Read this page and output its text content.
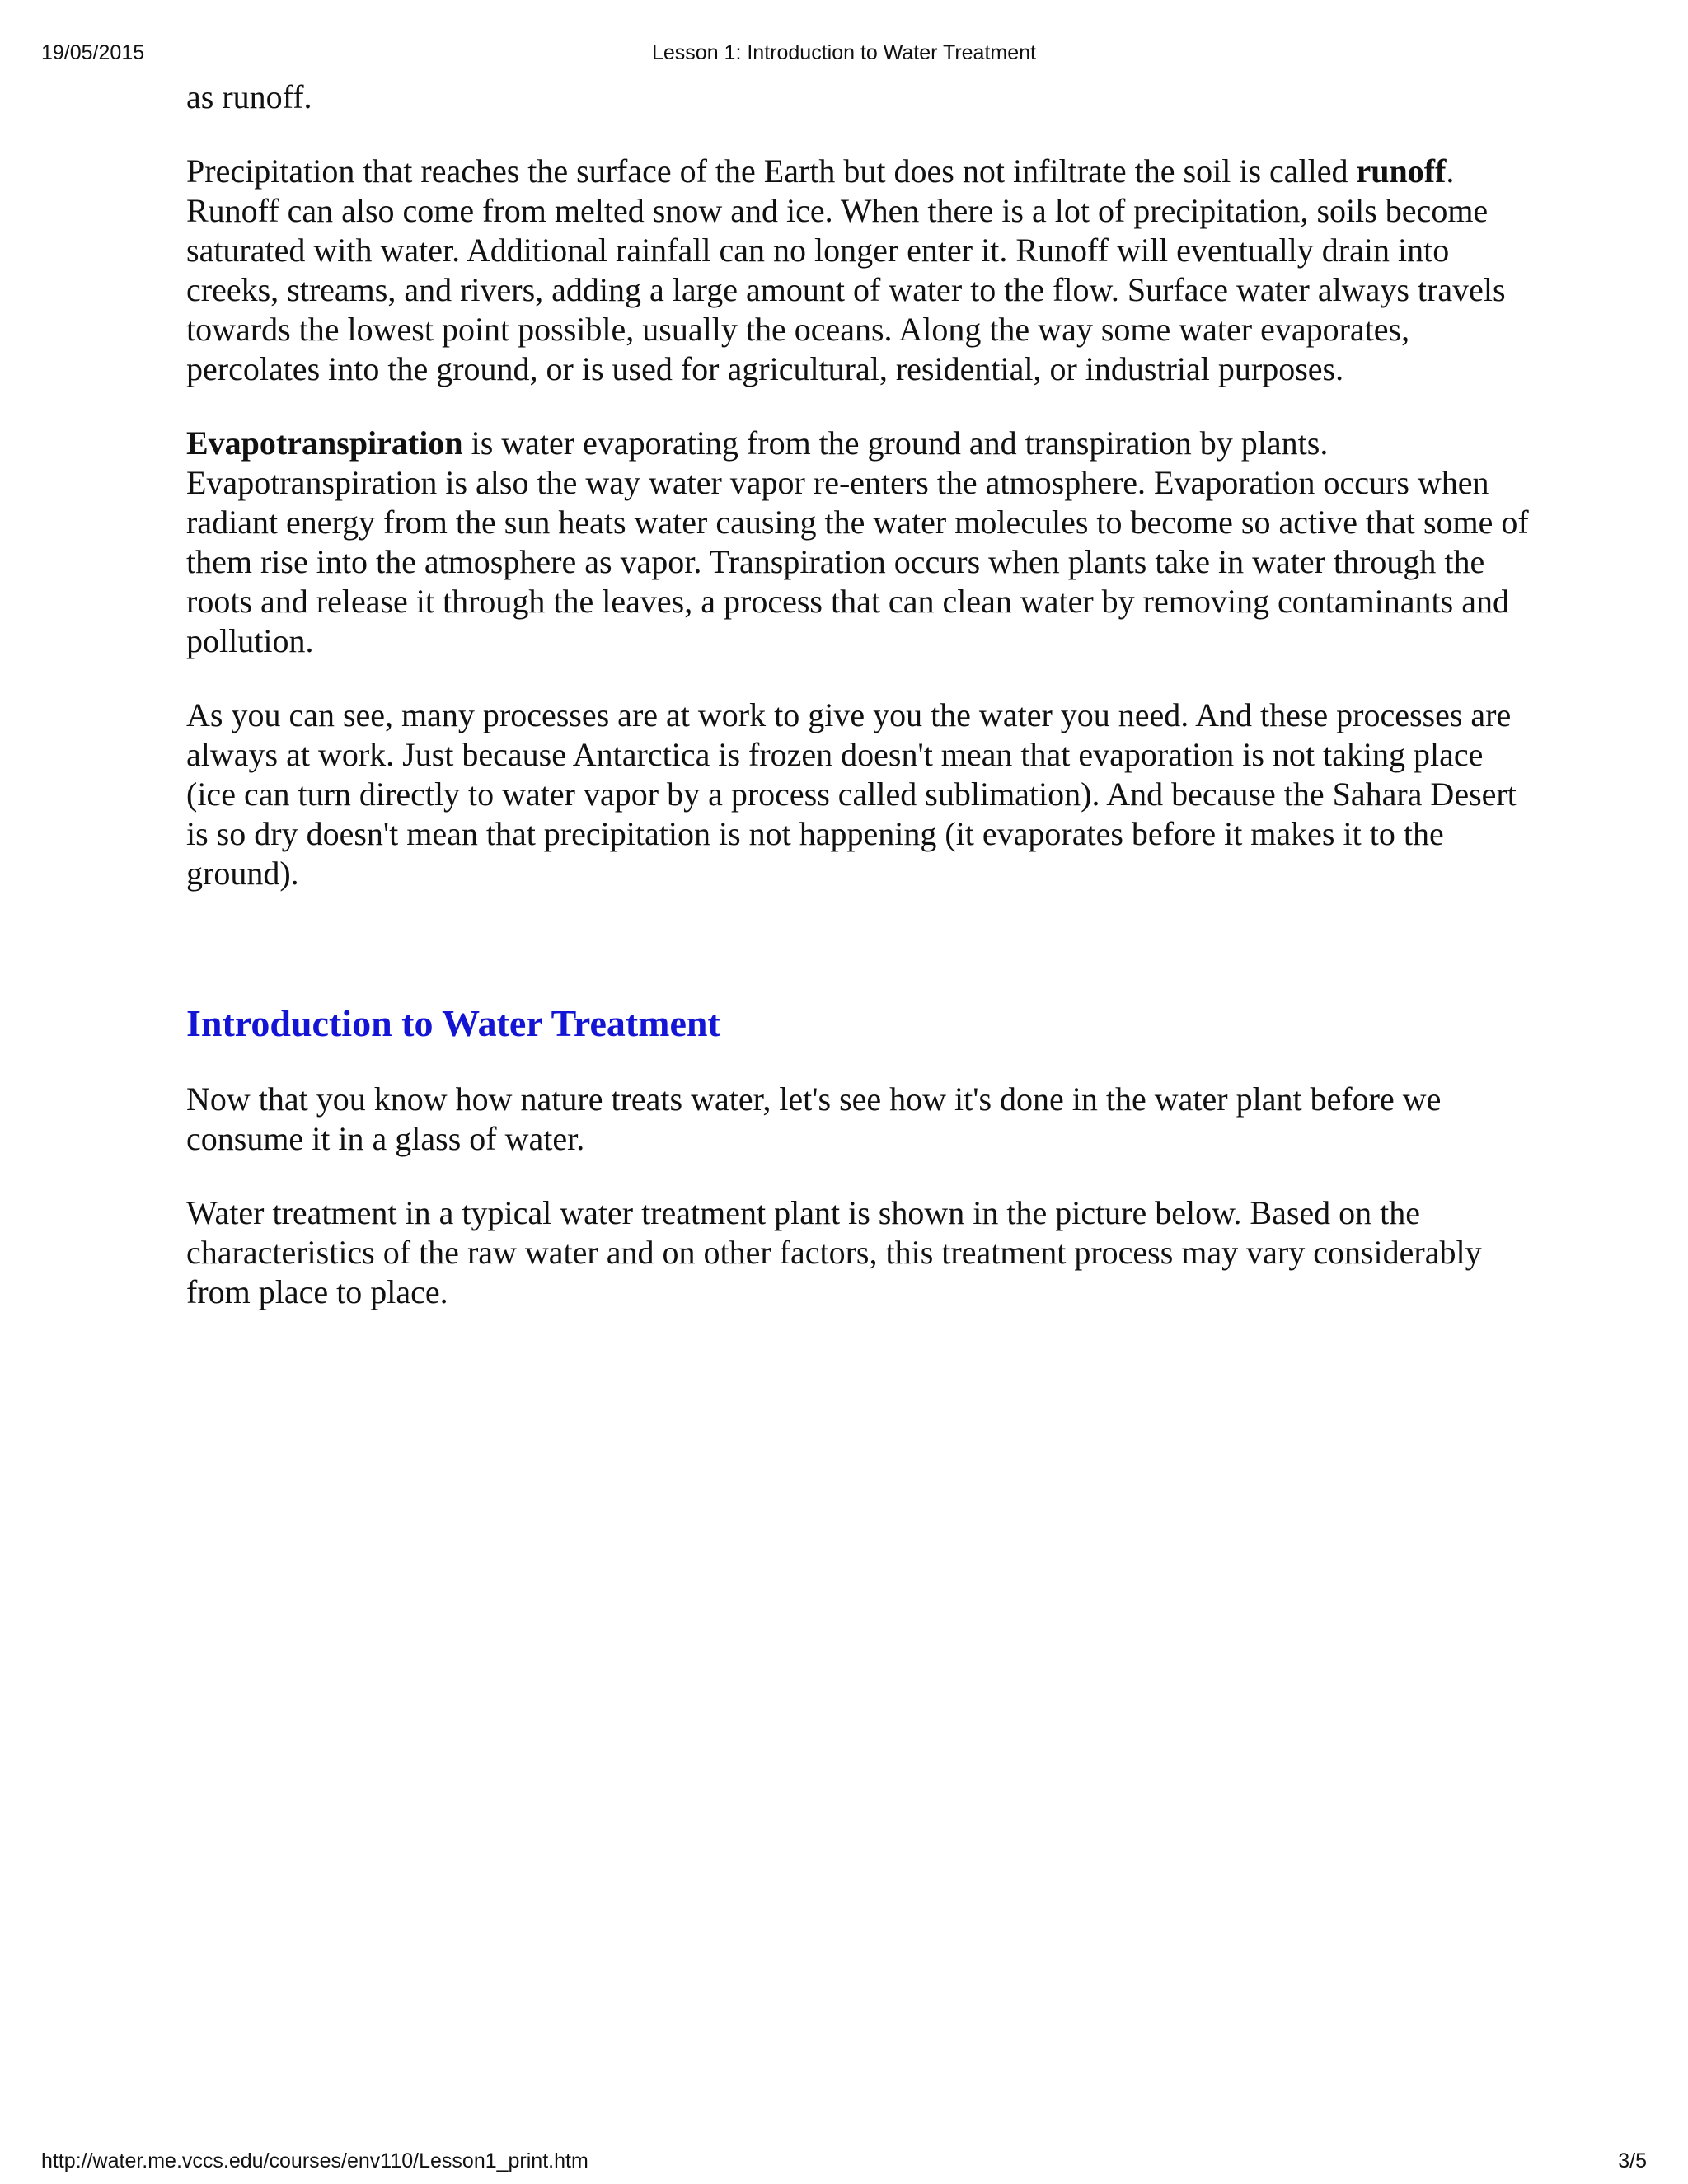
19/05/2015	Lesson 1: Introduction to Water Treatment

as runoff.

Precipitation that reaches the surface of the Earth but does not infiltrate the soil is called runoff. Runoff can also come from melted snow and ice. When there is a lot of precipitation, soils become saturated with water. Additional rainfall can no longer enter it. Runoff will eventually drain into creeks, streams, and rivers, adding a large amount of water to the flow. Surface water always travels towards the lowest point possible, usually the oceans. Along the way some water evaporates, percolates into the ground, or is used for agricultural, residential, or industrial purposes.

Evapotranspiration is water evaporating from the ground and transpiration by plants. Evapotranspiration is also the way water vapor re-enters the atmosphere. Evaporation occurs when radiant energy from the sun heats water causing the water molecules to become so active that some of them rise into the atmosphere as vapor. Transpiration occurs when plants take in water through the roots and release it through the leaves, a process that can clean water by removing contaminants and pollution.

As you can see, many processes are at work to give you the water you need. And these processes are always at work. Just because Antarctica is frozen doesn't mean that evaporation is not taking place (ice can turn directly to water vapor by a process called sublimation). And because the Sahara Desert is so dry doesn't mean that precipitation is not happening (it evaporates before it makes it to the ground).

Introduction to Water Treatment

Now that you know how nature treats water, let's see how it's done in the water plant before we consume it in a glass of water.

Water treatment in a typical water treatment plant is shown in the picture below. Based on the characteristics of the raw water and on other factors, this treatment process may vary considerably from place to place.

http://water.me.vccs.edu/courses/env110/Lesson1_print.htm	3/5
